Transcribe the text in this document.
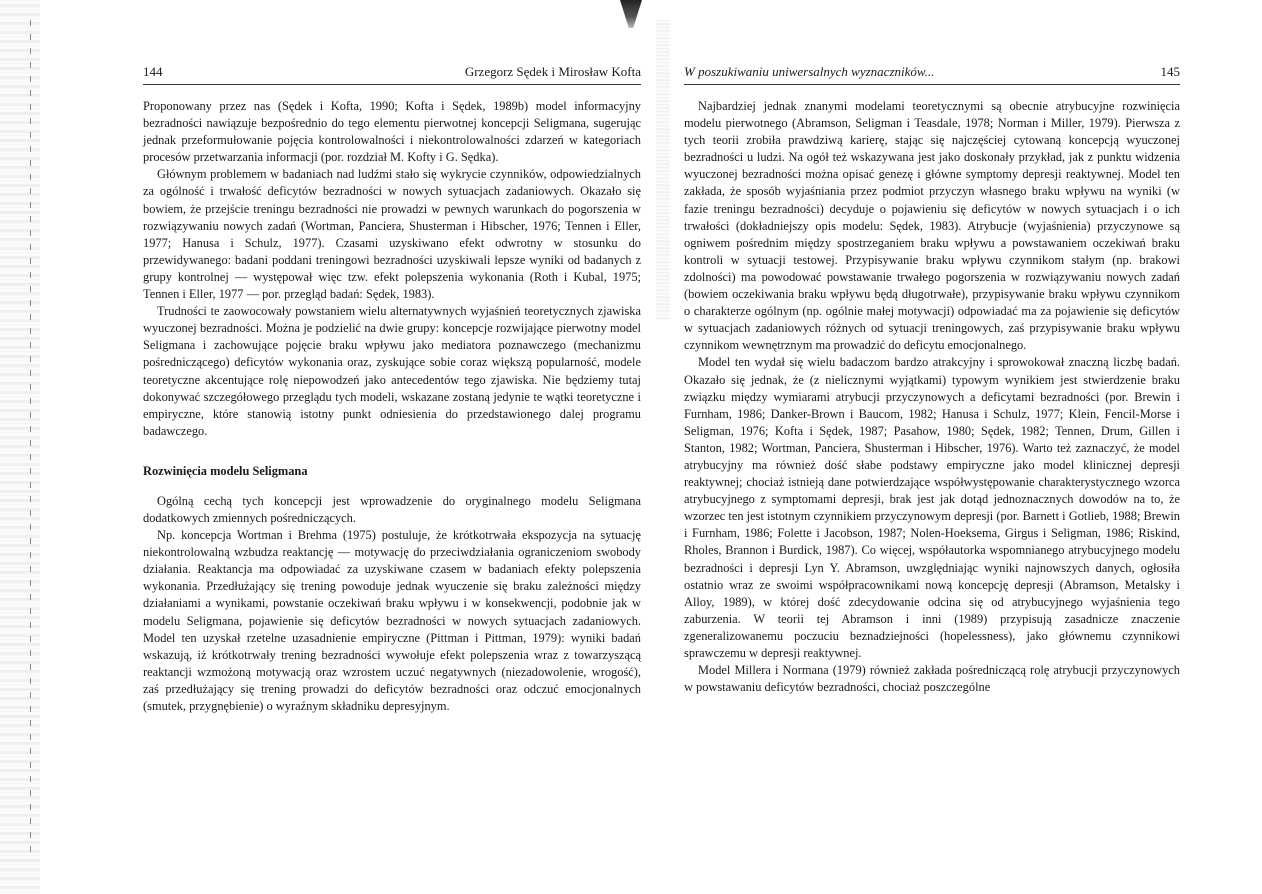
144	Grzegorz Sędek i Mirosław Kofta

Proponowany przez nas (Sędek i Kofta, 1990; Kofta i Sędek, 1989b) model informacyjny bezradności nawiązuje bezpośrednio do tego elementu pierwotnej koncepcji Seligmana, sugerując jednak przeformułowanie pojęcia kontrolowalności i niekontrolowalności zdarzeń w kategoriach procesów przetwarzania informacji (por. rozdział M. Kofty i G. Sędka).

Głównym problemem w badaniach nad ludźmi stało się wykrycie czynników, odpowiedzialnych za ogólność i trwałość deficytów bezradności w nowych sytuacjach zadaniowych. Okazało się bowiem, że przejście treningu bezradności nie prowadzi w pewnych warunkach do pogorszenia w rozwiązywaniu nowych zadań (Wortman, Panciera, Shusterman i Hibscher, 1976; Tennen i Eller, 1977; Hanusa i Schulz, 1977). Czasami uzyskiwano efekt odwrotny w stosunku do przewidywanego: badani poddani treningowi bezradności uzyskiwali lepsze wyniki od badanych z grupy kontrolnej — występował więc tzw. efekt polepszenia wykonania (Roth i Kubal, 1975; Tennen i Eller, 1977 — por. przegląd badań: Sędek, 1983).

Trudności te zaowocowały powstaniem wielu alternatywnych wyjaśnień teoretycznych zjawiska wyuczonej bezradności. Można je podzielić na dwie grupy: koncepcje rozwijające pierwotny model Seligmana i zachowujące pojęcie braku wpływu jako mediatora poznawczego (mechanizmu pośredniczącego) deficytów wykonania oraz, zyskujące sobie coraz większą popularność, modele teoretyczne akcentujące rolę niepowodzeń jako antecedentów tego zjawiska. Nie będziemy tutaj dokonywać szczegółowego przeglądu tych modeli, wskazane zostaną jedynie te wątki teoretyczne i empiryczne, które stanowią istotny punkt odniesienia do przedstawionego dalej programu badawczego.

Rozwinięcia modelu Seligmana

Ogólną cechą tych koncepcji jest wprowadzenie do oryginalnego modelu Seligmana dodatkowych zmiennych pośredniczących.

Np. koncepcja Wortman i Brehma (1975) postuluje, że krótkotrwała ekspozycja na sytuację niekontrolowalną wzbudza reaktancję — motywację do przeciwdziałania ograniczeniom swobody działania. Reaktancja ma odpowiadać za uzyskiwane czasem w badaniach efekty polepszenia wykonania. Przedłużający się trening powoduje jednak wyuczenie się braku zależności między działaniami a wynikami, powstanie oczekiwań braku wpływu i w konsekwencji, podobnie jak w modelu Seligmana, pojawienie się deficytów bezradności w nowych sytuacjach zadaniowych. Model ten uzyskał rzetelne uzasadnienie empiryczne (Pittman i Pittman, 1979): wyniki badań wskazują, iż krótkotrwały trening bezradności wywołuje efekt polepszenia wraz z towarzyszącą reaktancji wzmożoną motywacją oraz wzrostem uczuć negatywnych (niezadowolenie, wrogość), zaś przedłużający się trening prowadzi do deficytów bezradności oraz odczuć emocjonalnych (smutek, przygnębienie) o wyraźnym składniku depresyjnym.

W poszukiwaniu uniwersalnych wyznaczników...	145

Najbardziej jednak znanymi modelami teoretycznymi są obecnie atrybucyjne rozwinięcia modelu pierwotnego (Abramson, Seligman i Teasdale, 1978; Norman i Miller, 1979). Pierwsza z tych teorii zrobiła prawdziwą karierę, stając się najczęściej cytowaną koncepcją wyuczonej bezradności u ludzi. Na ogół też wskazywana jest jako doskonały przykład, jak z punktu widzenia wyuczonej bezradności można opisać genezę i główne symptomy depresji reaktywnej. Model ten zakłada, że sposób wyjaśniania przez podmiot przyczyn własnego braku wpływu na wyniki (w fazie treningu bezradności) decyduje o pojawieniu się deficytów w nowych sytuacjach i o ich trwałości (dokładniejszy opis modelu: Sędek, 1983). Atrybucje (wyjaśnienia) przyczynowe są ogniwem pośrednim między spostrzeganiem braku wpływu a powstawaniem oczekiwań braku kontroli w sytuacji testowej. Przypisywanie braku wpływu czynnikom stałym (np. brakowi zdolności) ma powodować powstawanie trwałego pogorszenia w rozwiązywaniu nowych zadań (bowiem oczekiwania braku wpływu będą długotrwałe), przypisywanie braku wpływu czynnikom o charakterze ogólnym (np. ogólnie małej motywacji) odpowiadać ma za pojawienie się deficytów w sytuacjach zadaniowych różnych od sytuacji treningowych, zaś przypisywanie braku wpływu czynnikom wewnętrznym ma prowadzić do deficytu emocjonalnego.

Model ten wydał się wielu badaczom bardzo atrakcyjny i sprowokował znaczną liczbę badań. Okazało się jednak, że (z nielicznymi wyjątkami) typowym wynikiem jest stwierdzenie braku związku między wymiarami atrybucji przyczynowych a deficytami bezradności (por. Brewin i Furnham, 1986; Danker-Brown i Baucom, 1982; Hanusa i Schulz, 1977; Klein, Fencil-Morse i Seligman, 1976; Kofta i Sędek, 1987; Pasahow, 1980; Sędek, 1982; Tennen, Drum, Gillen i Stanton, 1982; Wortman, Panciera, Shusterman i Hibscher, 1976). Warto też zaznaczyć, że model atrybucyjny ma również dość słabe podstawy empiryczne jako model klinicznej depresji reaktywnej; chociaż istnieją dane potwierdzające współwystępowanie charakterystycznego wzorca atrybucyjnego z symptomami depresji, brak jest jak dotąd jednoznacznych dowodów na to, że wzorzec ten jest istotnym czynnikiem przyczynowym depresji (por. Barnett i Gotlieb, 1988; Brewin i Furnham, 1986; Folette i Jacobson, 1987; Nolen-Hoeksema, Girgus i Seligman, 1986; Riskind, Rholes, Brannon i Burdick, 1987). Co więcej, współautorka wspomnianego atrybucyjnego modelu bezradności i depresji Lyn Y. Abramson, uwzględniając wyniki najnowszych danych, ogłosiła ostatnio wraz ze swoimi współpracownikami nową koncepcję depresji (Abramson, Metalsky i Alloy, 1989), w której dość zdecydowanie odcina się od atrybucyjnego wyjaśnienia tego zaburzenia. W teorii tej Abramson i inni (1989) przypisują zasadnicze znaczenie zgeneralizowanemu poczuciu beznadziejności (hopelessness), jako głównemu czynnikowi sprawczemu w depresji reaktywnej.

Model Millera i Normana (1979) również zakłada pośredniczącą rolę atrybucji przyczynowych w powstawaniu deficytów bezradności, chociaż poszczególne
